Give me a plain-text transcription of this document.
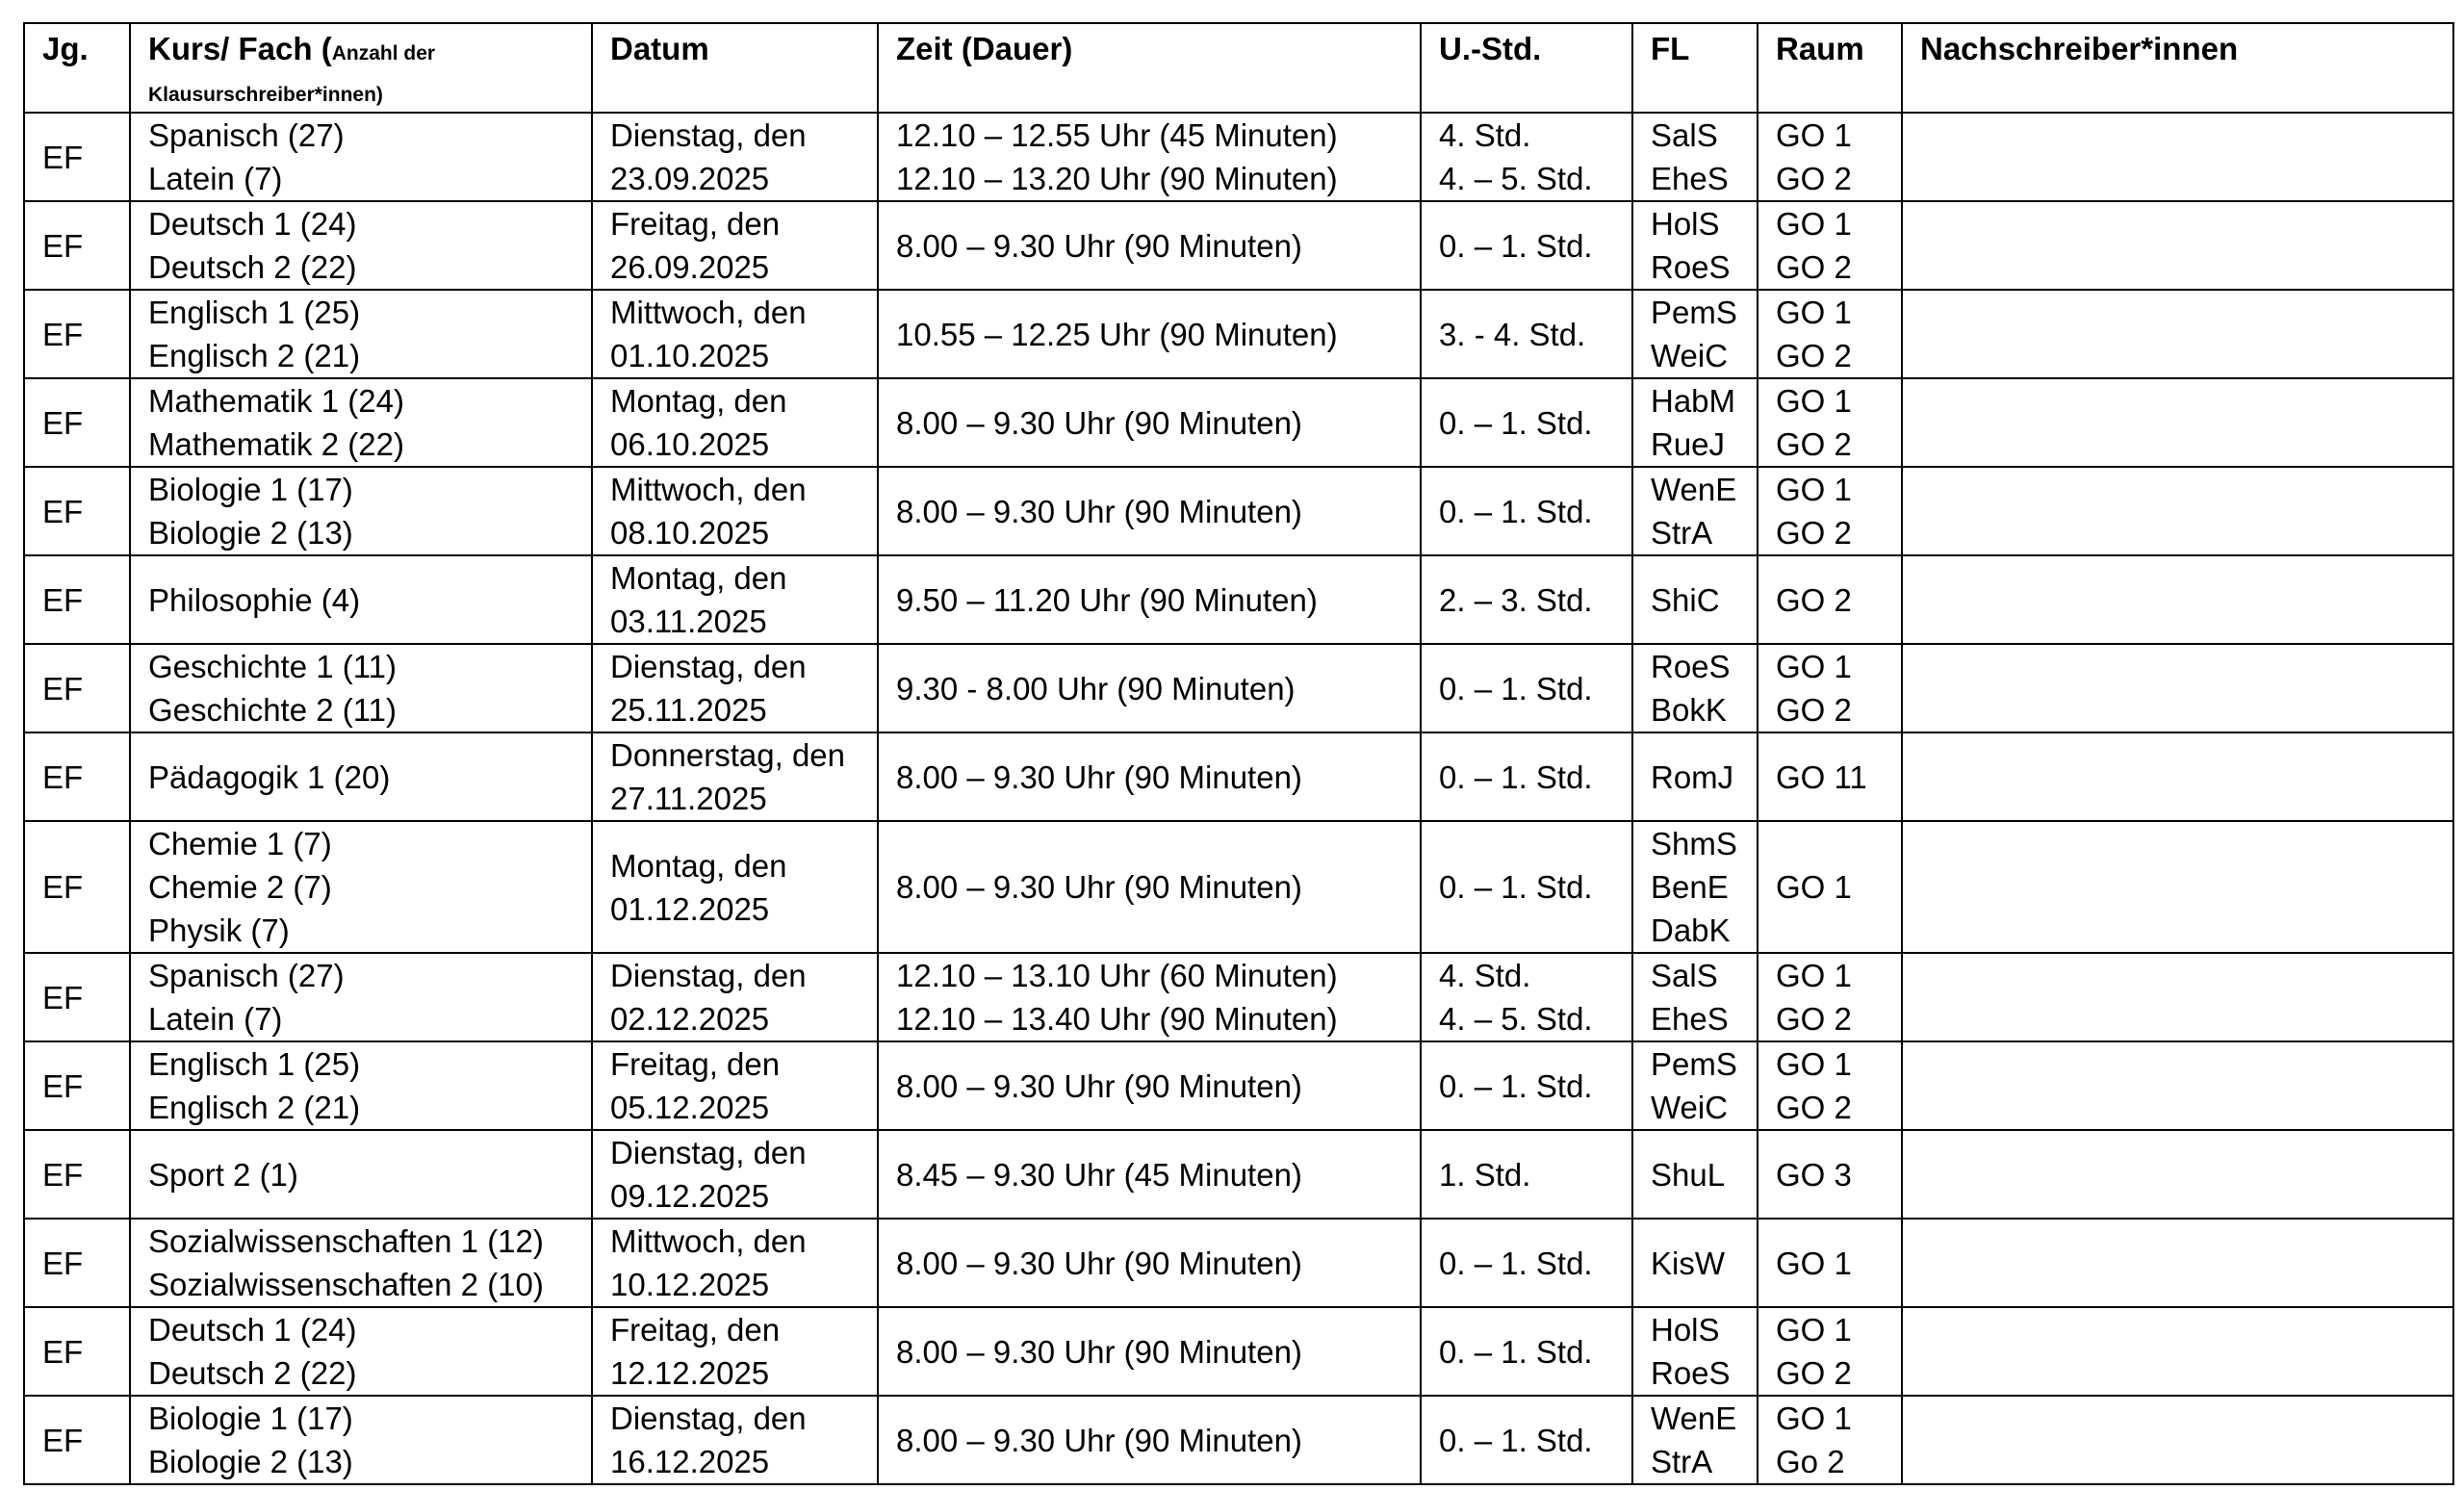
Jg.	Kurs/ Fach (Anzahl der
Klausurschreiber*innen)	Datum	Zeit (Dauer)	U.-Std.	FL	Raum	Nachschreiber*innen

EF	Spanisch (27)
Latein (7)	Dienstag, den
23.09.2025	12.10 – 12.55 Uhr (45 Minuten)
12.10 – 13.20 Uhr (90 Minuten)	4. Std.
4. – 5. Std.	SalS
EheS	GO 1
GO 2	

EF	Deutsch 1 (24)
Deutsch 2 (22)	Freitag, den
26.09.2025	8.00 – 9.30 Uhr (90 Minuten)	0. – 1. Std.	HolS
RoeS	GO 1
GO 2	

EF	Englisch 1 (25)
Englisch 2 (21)	Mittwoch, den
01.10.2025	10.55 – 12.25 Uhr (90 Minuten)	3. - 4. Std.	PemS
WeiC	GO 1
GO 2	

EF	Mathematik 1 (24)
Mathematik 2 (22)	Montag, den
06.10.2025	8.00 – 9.30 Uhr (90 Minuten)	0. – 1. Std.	HabM
RueJ	GO 1
GO 2	

EF	Biologie 1 (17)
Biologie 2 (13)	Mittwoch, den
08.10.2025	8.00 – 9.30 Uhr (90 Minuten)	0. – 1. Std.	WenE
StrA	GO 1
GO 2	

EF	Philosophie (4)	Montag, den
03.11.2025	9.50 – 11.20 Uhr (90 Minuten)	2. – 3. Std.	ShiC	GO 2	

EF	Geschichte 1 (11)
Geschichte 2 (11)	Dienstag, den
25.11.2025	9.30 - 8.00 Uhr (90 Minuten)	0. – 1. Std.	RoeS
BokK	GO 1
GO 2	

EF	Pädagogik 1 (20)	Donnerstag, den
27.11.2025	8.00 – 9.30 Uhr (90 Minuten)	0. – 1. Std.	RomJ	GO 11	

EF	Chemie 1 (7)
Chemie 2 (7)
Physik (7)	Montag, den
01.12.2025	8.00 – 9.30 Uhr (90 Minuten)	0. – 1. Std.	ShmS
BenE
DabK	GO 1	

EF	Spanisch (27)
Latein (7)	Dienstag, den
02.12.2025	12.10 – 13.10 Uhr (60 Minuten)
12.10 – 13.40 Uhr (90 Minuten)	4. Std.
4. – 5. Std.	SalS
EheS	GO 1
GO 2	

EF	Englisch 1 (25)
Englisch 2 (21)	Freitag, den
05.12.2025	8.00 – 9.30 Uhr (90 Minuten)	0. – 1. Std.	PemS
WeiC	GO 1
GO 2	

EF	Sport 2 (1)	Dienstag, den
09.12.2025	8.45 – 9.30 Uhr (45 Minuten)	1. Std.	ShuL	GO 3	

EF	Sozialwissenschaften 1 (12)
Sozialwissenschaften 2 (10)	Mittwoch, den
10.12.2025	8.00 – 9.30 Uhr (90 Minuten)	0. – 1. Std.	KisW	GO 1	

EF	Deutsch 1 (24)
Deutsch 2 (22)	Freitag, den
12.12.2025	8.00 – 9.30 Uhr (90 Minuten)	0. – 1. Std.	HolS
RoeS	GO 1
GO 2	

EF	Biologie 1 (17)
Biologie 2 (13)	Dienstag, den
16.12.2025	8.00 – 9.30 Uhr (90 Minuten)	0. – 1. Std.	WenE
StrA	GO 1
Go 2	
